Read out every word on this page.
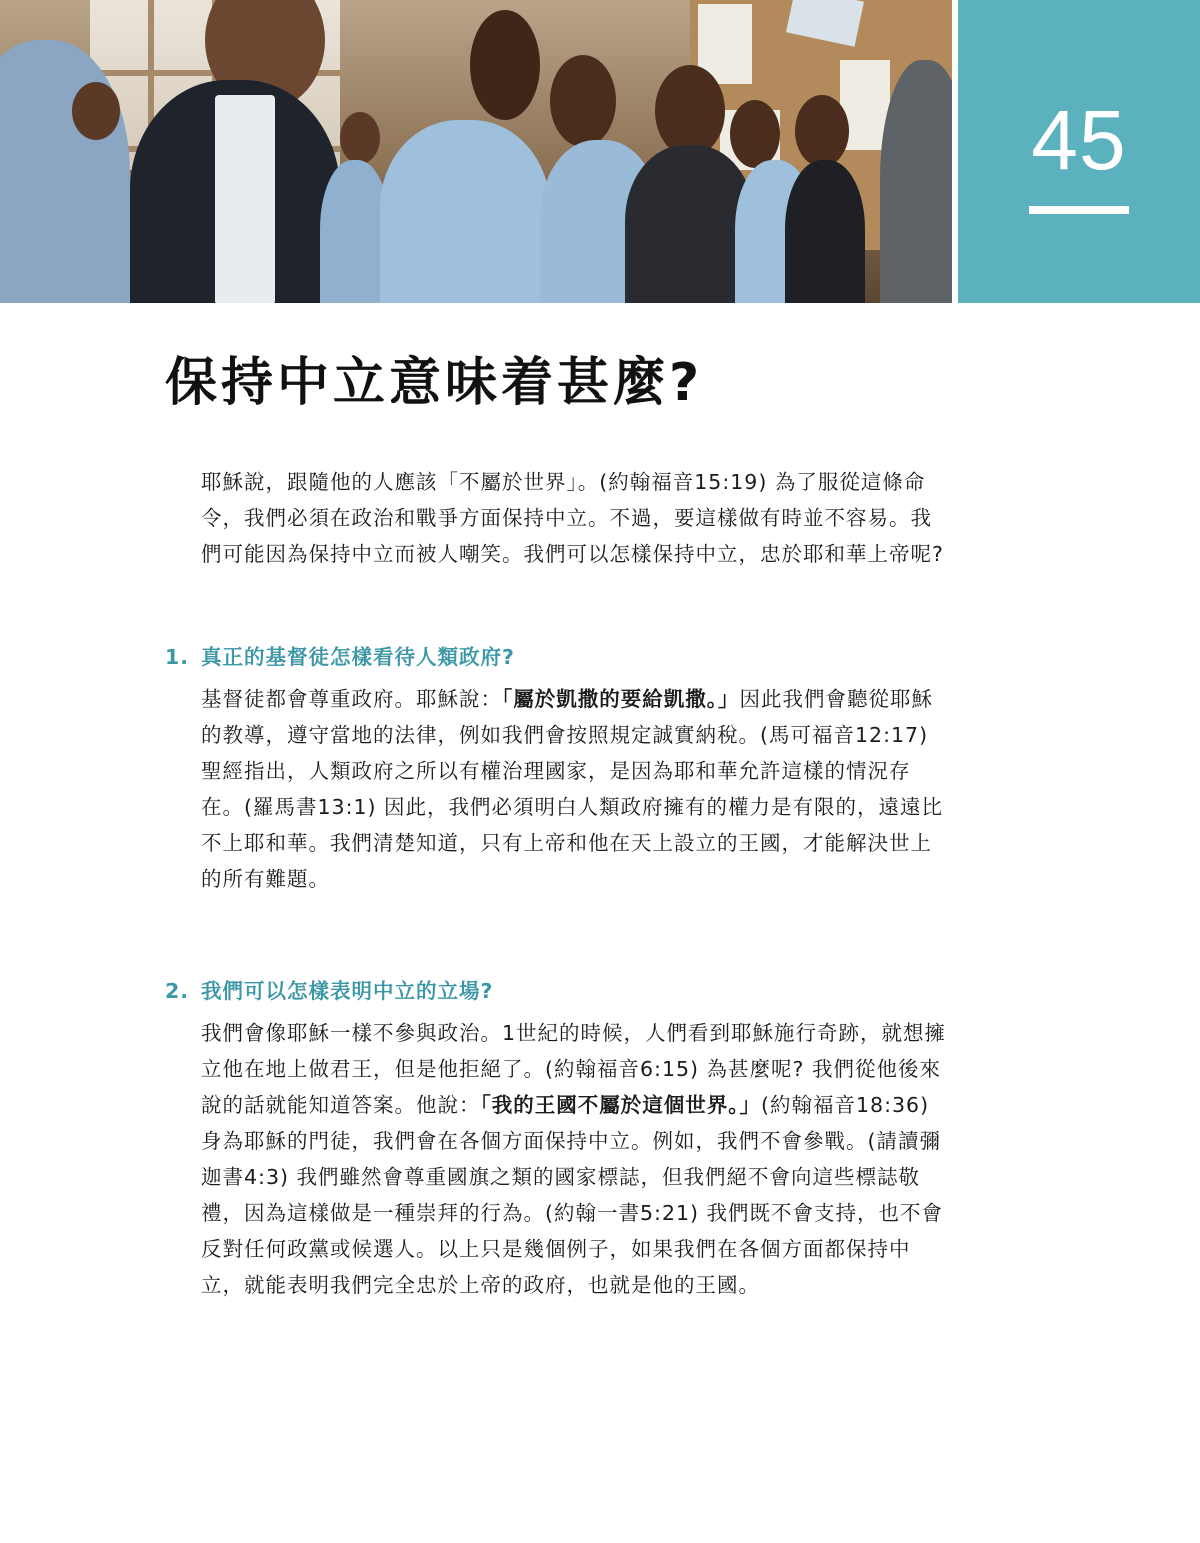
45
保持中立意味着甚麼?

耶穌說，跟隨他的人應該「不屬於世界」。(約翰福音15:19) 為了服從這條命令，我們必須在政治和戰爭方面保持中立。不過，要這樣做有時並不容易。我們可能因為保持中立而被人嘲笑。我們可以怎樣保持中立，忠於耶和華上帝呢?

1. 真正的基督徒怎樣看待人類政府?

基督徒都會尊重政府。耶穌說：「屬於凱撒的要給凱撒。」因此我們會聽從耶穌的教導，遵守當地的法律，例如我們會按照規定誠實納稅。(馬可福音12:17) 聖經指出，人類政府之所以有權治理國家，是因為耶和華允許這樣的情況存在。(羅馬書13:1) 因此，我們必須明白人類政府擁有的權力是有限的，遠遠比不上耶和華。我們清楚知道，只有上帝和他在天上設立的王國，才能解決世上的所有難題。

2. 我們可以怎樣表明中立的立場?

我們會像耶穌一樣不參與政治。1世紀的時候，人們看到耶穌施行奇跡，就想擁立他在地上做君王，但是他拒絕了。(約翰福音6:15) 為甚麼呢? 我們從他後來說的話就能知道答案。他說：「我的王國不屬於這個世界。」(約翰福音18:36) 身為耶穌的門徒，我們會在各個方面保持中立。例如，我們不會參戰。(請讀彌迦書4:3) 我們雖然會尊重國旗之類的國家標誌，但我們絕不會向這些標誌敬禮，因為這樣做是一種崇拜的行為。(約翰一書5:21) 我們既不會支持，也不會反對任何政黨或候選人。以上只是幾個例子，如果我們在各個方面都保持中立，就能表明我們完全忠於上帝的政府，也就是他的王國。
